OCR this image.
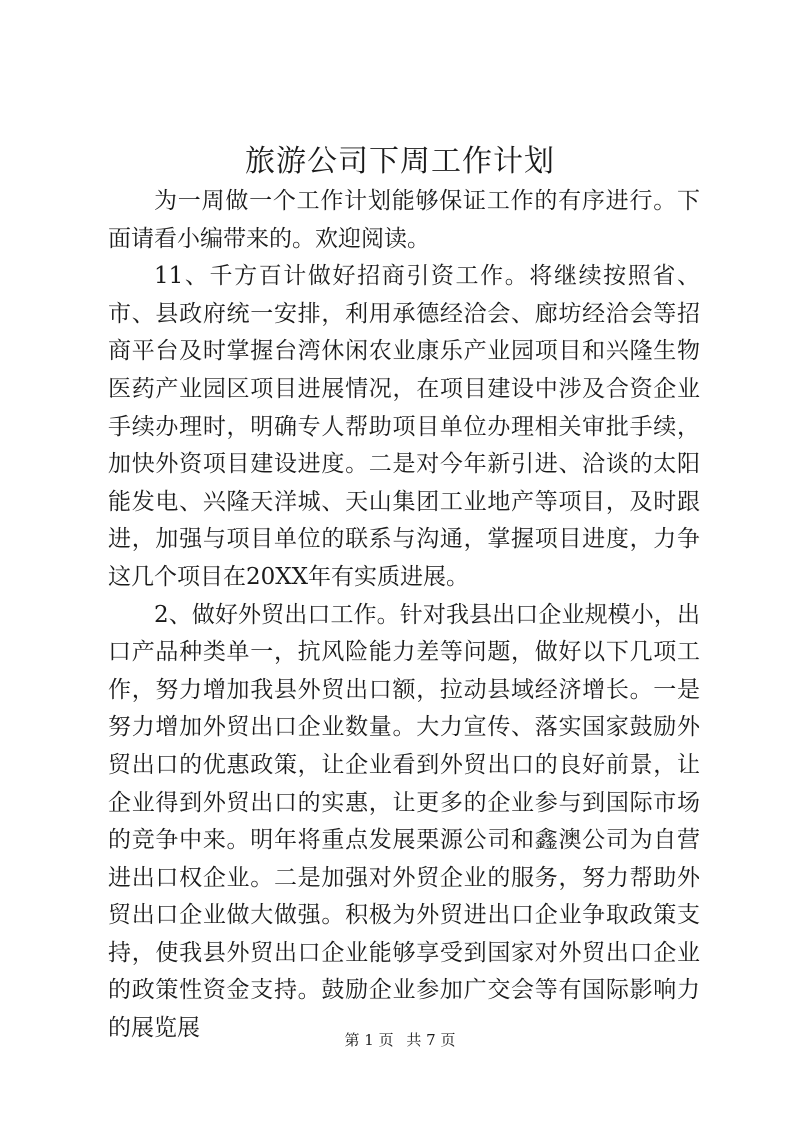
旅游公司下周工作计划

为一周做一个工作计划能够保证工作的有序进行。下面请看小编带来的。欢迎阅读。

11、千方百计做好招商引资工作。将继续按照省、市、县政府统一安排，利用承德经洽会、廊坊经洽会等招商平台及时掌握台湾休闲农业康乐产业园项目和兴隆生物医药产业园区项目进展情况，在项目建设中涉及合资企业手续办理时，明确专人帮助项目单位办理相关审批手续，加快外资项目建设进度。二是对今年新引进、洽谈的太阳能发电、兴隆天洋城、天山集团工业地产等项目，及时跟进，加强与项目单位的联系与沟通，掌握项目进度，力争这几个项目在20XX年有实质进展。

2、做好外贸出口工作。针对我县出口企业规模小，出口产品种类单一，抗风险能力差等问题，做好以下几项工作，努力增加我县外贸出口额，拉动县域经济增长。一是努力增加外贸出口企业数量。大力宣传、落实国家鼓励外贸出口的优惠政策，让企业看到外贸出口的良好前景，让企业得到外贸出口的实惠，让更多的企业参与到国际市场的竞争中来。明年将重点发展栗源公司和鑫澳公司为自营进出口权企业。二是加强对外贸企业的服务，努力帮助外贸出口企业做大做强。积极为外贸进出口企业争取政策支持，使我县外贸出口企业能够享受到国家对外贸出口企业的政策性资金支持。鼓励企业参加广交会等有国际影响力的展览展	第 1 页 共 7 页
